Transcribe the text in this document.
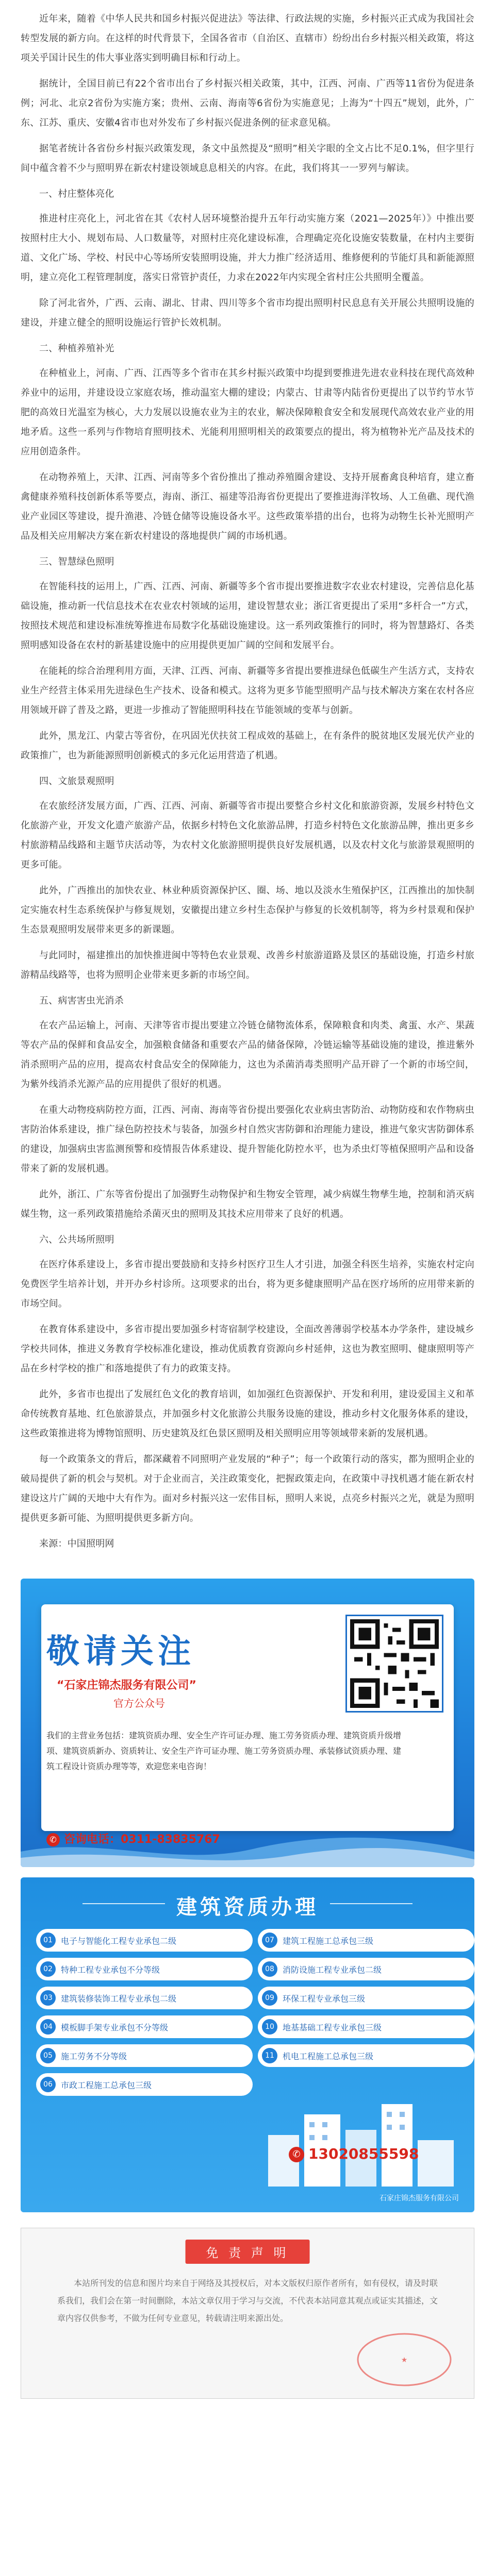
近年来，随着《中华人民共和国乡村振兴促进法》等法律、行政法规的实施，乡村振兴正式成为我国社会转型发展的新方向。在这样的时代背景下，全国各省市（自治区、直辖市）纷纷出台乡村振兴相关政策，将这项关乎国计民生的伟大事业落实到明确目标和行动上。

据统计，全国目前已有22个省市出台了乡村振兴相关政策，其中，江西、河南、广西等11省份为促进条例；河北、北京2省份为实施方案；贵州、云南、海南等6省份为实施意见；上海为“十四五”规划，此外，广东、江苏、重庆、安徽4省市也对外发布了乡村振兴促进条例的征求意见稿。

据笔者统计各省份乡村振兴政策发现，条文中虽然提及“照明”相关字眼的全文占比不足0.1%，但字里行间中蕴含着不少与照明界在新农村建设领域息息相关的内容。在此，我们将其一一罗列与解读。

一、村庄整体亮化

推进村庄亮化上，河北省在其《农村人居环境整治提升五年行动实施方案（2021—2025年）》中推出要按照村庄大小、规划布局、人口数量等，对照村庄亮化建设标准，合理确定亮化设施安装数量，在村内主要街道、文化广场、学校、村民中心等场所安装照明设施，并大力推广经济适用、维修便利的节能灯具和新能源照明，建立亮化工程管理制度，落实日常管护责任，力求在2022年内实现全省村庄公共照明全覆盖。

除了河北省外，广西、云南、湖北、甘肃、四川等多个省市均提出照明村民息息有关开展公共照明设施的建设，并建立健全的照明设施运行管护长效机制。

二、种植养殖补光

在种植业上，河南、广西、江西等多个省市在其乡村振兴政策中均提到要推进先进农业科技在现代高效种养业中的运用，并建设设立家庭农场，推动温室大棚的建设；内蒙古、甘肃等内陆省份更提出了以节约节水节肥的高效日光温室为核心，大力发展以设施农业为主的农业，解决保障粮食安全和发展现代高效农业产业的用地矛盾。这些一系列与作物培育照明技术、光能利用照明相关的政策要点的提出，将为植物补光产品及技术的应用创造条件。

在动物养殖上，天津、江西、河南等多个省份推出了推动养殖圈舍建设、支持开展畜禽良种培育，建立畜禽健康养殖科技创新体系等要点，海南、浙江、福建等沿海省份更提出了要推进海洋牧场、人工鱼礁、现代渔业产业园区等建设，提升渔港、冷链仓储等设施设备水平。这些政策举措的出台，也将为动物生长补光照明产品及相关应用解决方案在新农村建设的落地提供广阔的市场机遇。

三、智慧绿色照明

在智能科技的运用上，广西、江西、河南、新疆等多个省市提出要推进数字农业农村建设，完善信息化基础设施，推动新一代信息技术在农业农村领域的运用，建设智慧农业；浙江省更提出了采用“多杆合一”方式，按照技术规范和建设标准统筹推进布局数字化基础设施建设。这一系列政策推行的同时，将为智慧路灯、各类照明感知设备在农村的新基建设施中的应用提供更加广阔的空间和发展平台。

在能耗的综合治理利用方面，天津、江西、河南、新疆等多省提出要推进绿色低碳生产生活方式，支持农业生产经营主体采用先进绿色生产技术、设备和模式。这将为更多节能型照明产品与技术解决方案在农村各应用领域开辟了普及之路，更进一步推动了智能照明科技在节能领域的变革与创新。

此外，黑龙江、内蒙古等省份，在巩固光伏扶贫工程成效的基础上，在有条件的脱贫地区发展光伏产业的政策推广，也为新能源照明创新模式的多元化运用营造了机遇。

四、文旅景观照明

在农旅经济发展方面，广西、江西、河南、新疆等省市提出要整合乡村文化和旅游资源，发展乡村特色文化旅游产业，开发文化遗产旅游产品，依据乡村特色文化旅游品牌，打造乡村特色文化旅游品牌，推出更多乡村旅游精品线路和主题节庆活动等，为农村文化旅游照明提供良好发展机遇，以及农村文化与旅游景观照明的更多可能。

此外，广西推出的加快农业、林业种质资源保护区、圈、场、地以及淡水生殖保护区，江西推出的加快制定实施农村生态系统保护与修复规划，安徽提出建立乡村生态保护与修复的长效机制等，将为乡村景观和保护生态景观照明发展带来更多的新课题。

与此同时，福建推出的加快推进闽中等特色农业景观、改善乡村旅游道路及景区的基础设施，打造乡村旅游精品线路等，也将为照明企业带来更多新的市场空间。

五、病害害虫光消杀

在农产品运输上，河南、天津等省市提出要建立冷链仓储物流体系，保障粮食和肉类、禽蛋、水产、果蔬等农产品的保鲜和食品安全，加强粮食储备和重要农产品的储备保障，冷链运输等基础设施的建设，推进紫外消杀照明产品的应用，提高农村食品安全的保障能力，这也为杀菌消毒类照明产品开辟了一个新的市场空间，为紫外线消杀光源产品的应用提供了很好的机遇。

在重大动物疫病防控方面，江西、河南、海南等省份提出要强化农业病虫害防治、动物防疫和农作物病虫害防治体系建设，推广绿色防控技术与装备，加强乡村自然灾害防御和治理能力建设，推进气象灾害防御体系的建设，加强病虫害监测预警和疫情报告体系建设、提升智能化防控水平，也为杀虫灯等植保照明产品和设备带来了新的发展机遇。

此外，浙江、广东等省份提出了加强野生动物保护和生物安全管理，减少病媒生物孳生地，控制和消灭病媒生物，这一系列政策措施给杀菌灭虫的照明及其技术应用带来了良好的机遇。

六、公共场所照明

在医疗体系建设上，多省市提出要鼓励和支持乡村医疗卫生人才引进，加强全科医生培养，实施农村定向免费医学生培养计划，并开办乡村诊所。这项要求的出台，将为更多健康照明产品在医疗场所的应用带来新的市场空间。

在教育体系建设中，多省市提出要加强乡村寄宿制学校建设，全面改善薄弱学校基本办学条件，建设城乡学校共同体，推进义务教育学校标准化建设，推动优质教育资源向乡村延伸，这也为教室照明、健康照明等产品在乡村学校的推广和落地提供了有力的政策支持。

此外，多省市也提出了发展红色文化的教育培训，如加强红色资源保护、开发和利用，建设爱国主义和革命传统教育基地、红色旅游景点，并加强乡村文化旅游公共服务设施的建设，推动乡村文化服务体系的建设，这些政策推进将为博物馆照明、历史建筑及红色景区照明及相关照明应用等领域带来新的发展机遇。

每一个政策条文的背后，都深藏着不同照明产业发展的“种子”；每一个政策行动的落实，都为照明企业的破局提供了新的机会与契机。对于企业而言，关注政策变化，把握政策走向，在政策中寻找机遇才能在新农村建设这片广阔的天地中大有作为。面对乡村振兴这一宏伟目标，照明人来说，点亮乡村振兴之光，就是为照明提供更多新可能、为照明提供更多新方向。

来源：中国照明网

敬请关注
“石家庄锦杰服务有限公司”
官方公众号
我们的主营业务包括：建筑资质办理、安全生产许可证办理、施工劳务资质办理、建筑资质升级增项、建筑资质新办、资质转让、安全生产许可证办理、施工劳务资质办理、承装修试资质办理、建筑工程设计资质办理等等，欢迎您来电咨询！
✆ 咨询电话：0311-83835767
建筑资质办理
01	电子与智能化工程专业承包二级
02	特种工程专业承包不分等级
03	建筑装修装饰工程专业承包二级
04	模板脚手架专业承包不分等级
05	施工劳务不分等级
06	市政工程施工总承包三级
07	建筑工程施工总承包三级
08	消防设施工程专业承包二级
09	环保工程专业承包三级
10	地基基础工程专业承包三级
11	机电工程施工总承包三级
✆ 13020855598
石家庄锦杰服务有限公司
免 责 声 明
本站所刊发的信息和图片均来自于网络及其授权后，对本文版权归原作者所有，如有侵权，请及时联系我们，我们会在第一时间删除，本站文章仅用于学习与交流，不代表本站同意其观点或证实其描述，文章内容仅供参考，不做为任何专业意见，转载请注明来源出处。
★
